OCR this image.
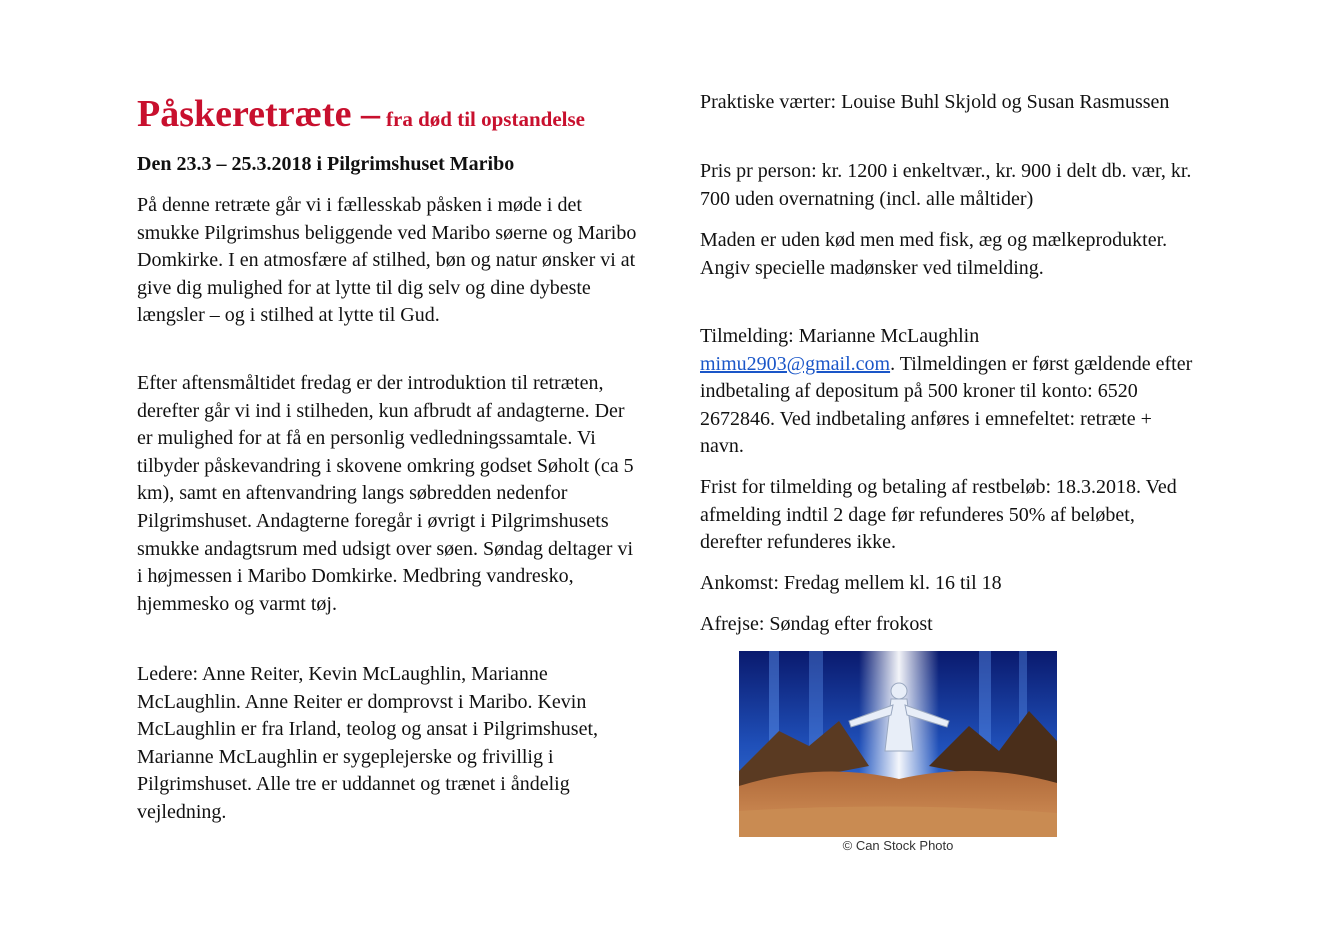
Påskeretræte – fra død til opstandelse
Den 23.3 – 25.3.2018 i Pilgrimshuset Maribo

På denne retræte går vi i fællesskab påsken i møde i det smukke Pilgrimshus beliggende ved Maribo søerne og Maribo Domkirke. I en atmosfære af stilhed, bøn og natur ønsker vi at give dig mulighed for at lytte til dig selv og dine dybeste længsler – og i stilhed at lytte til Gud.

Efter aftensmåltidet fredag er der introduktion til retræten, derefter går vi ind i stilheden, kun afbrudt af andagterne. Der er mulighed for at få en personlig vedledningssamtale. Vi tilbyder påskevandring i skovene omkring godset Søholt (ca 5 km), samt en aftenvandring langs søbredden nedenfor Pilgrimshuset. Andagterne foregår i øvrigt i Pilgrimshusets smukke andagtsrum med udsigt over søen. Søndag deltager vi i højmessen i Maribo Domkirke. Medbring vandresko, hjemmesko og varmt tøj.

Ledere: Anne Reiter, Kevin McLaughlin, Marianne McLaughlin. Anne Reiter er domprovst i Maribo. Kevin McLaughlin er fra Irland, teolog og ansat i Pilgrimshuset, Marianne McLaughlin er sygeplejerske og frivillig i Pilgrimshuset. Alle tre er uddannet og trænet i åndelig vejledning.

Praktiske værter: Louise Buhl Skjold og Susan Rasmussen

Pris pr person: kr. 1200 i enkeltvær., kr. 900 i delt db. vær, kr. 700 uden overnatning (incl. alle måltider)

Maden er uden kød men med fisk, æg og mælkeprodukter. Angiv specielle madønsker ved tilmelding.

Tilmelding: Marianne McLaughlin
mimu2903@gmail.com. Tilmeldingen er først gældende efter indbetaling af depositum på 500 kroner til konto: 6520 2672846. Ved indbetaling anføres i emnefeltet: retræte + navn.

Frist for tilmelding og betaling af restbeløb: 18.3.2018. Ved afmelding indtil 2 dage før refunderes 50% af beløbet, derefter refunderes ikke.

Ankomst: Fredag mellem kl. 16 til 18

Afrejse: Søndag efter frokost

© Can Stock Photo
